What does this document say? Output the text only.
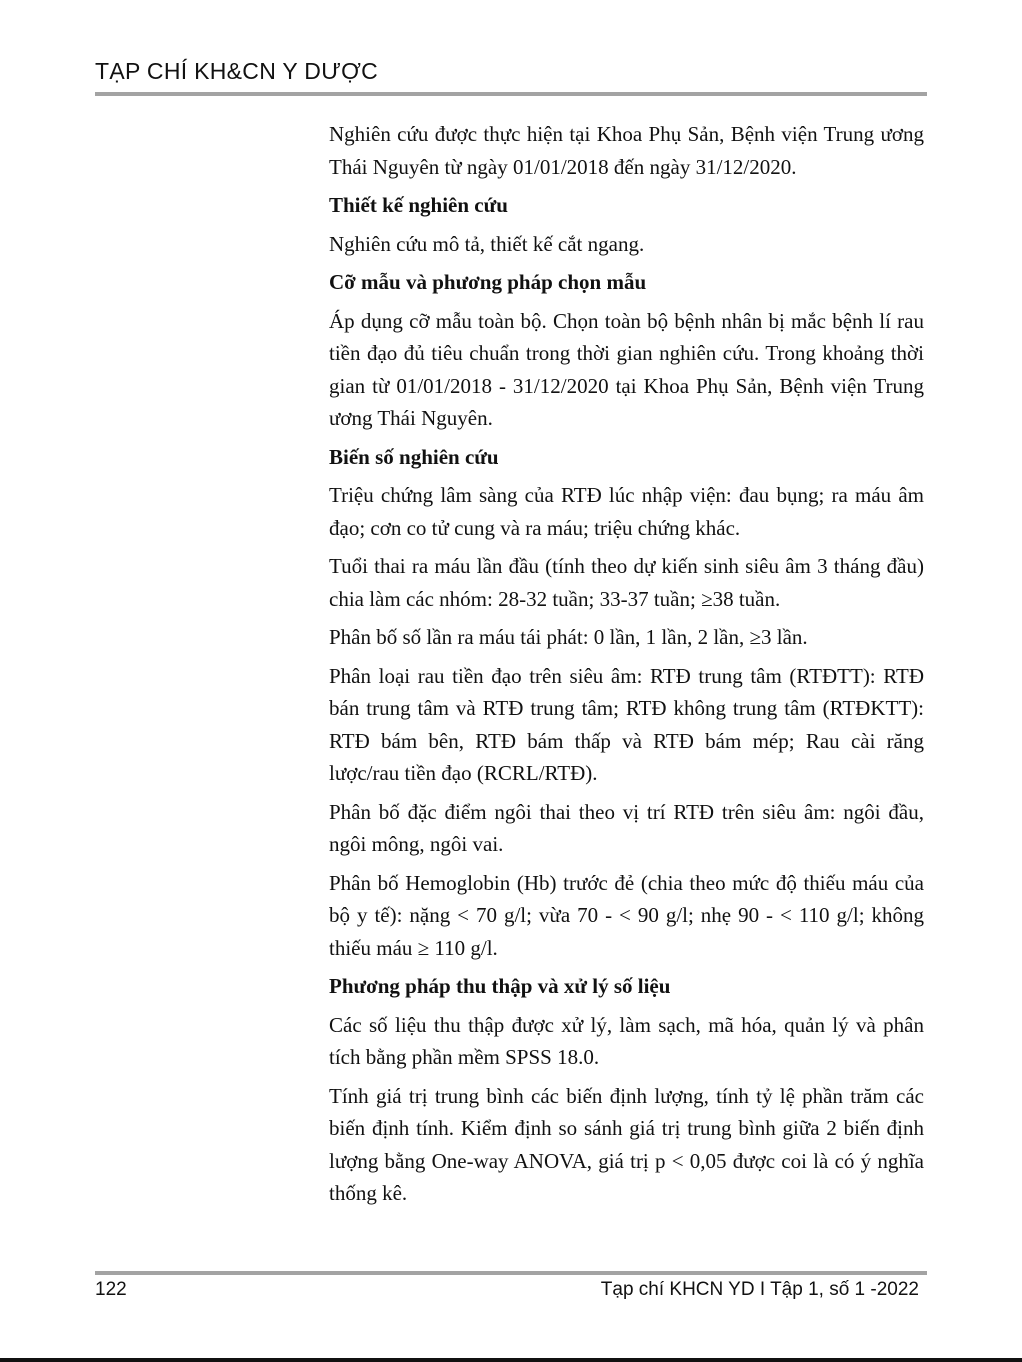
TẠP CHÍ KH&CN Y DƯỢC

Nghiên cứu được thực hiện tại Khoa Phụ Sản, Bệnh viện Trung ương Thái Nguyên từ ngày 01/01/2018 đến ngày 31/12/2020.

Thiết kế nghiên cứu

Nghiên cứu mô tả, thiết kế cắt ngang.

Cỡ mẫu và phương pháp chọn mẫu

Áp dụng cỡ mẫu toàn bộ. Chọn toàn bộ bệnh nhân bị mắc bệnh lí rau tiền đạo đủ tiêu chuẩn trong thời gian nghiên cứu. Trong khoảng thời gian từ 01/01/2018 - 31/12/2020 tại Khoa Phụ Sản, Bệnh viện Trung ương Thái Nguyên.

Biến số nghiên cứu

Triệu chứng lâm sàng của RTĐ lúc nhập viện: đau bụng; ra máu âm đạo; cơn co tử cung và ra máu; triệu chứng khác.

Tuổi thai ra máu lần đầu (tính theo dự kiến sinh siêu âm 3 tháng đầu) chia làm các nhóm: 28-32 tuần; 33-37 tuần; ≥38 tuần.

Phân bố số lần ra máu tái phát: 0 lần, 1 lần, 2 lần, ≥3 lần.

Phân loại rau tiền đạo trên siêu âm: RTĐ trung tâm (RTĐTT): RTĐ bán trung tâm và RTĐ trung tâm; RTĐ không trung tâm (RTĐKTT): RTĐ bám bên, RTĐ bám thấp và RTĐ bám mép; Rau cài răng lược/rau tiền đạo (RCRL/RTĐ).

Phân bố đặc điểm ngôi thai theo vị trí RTĐ trên siêu âm: ngôi đầu, ngôi mông, ngôi vai.

Phân bố Hemoglobin (Hb) trước đẻ (chia theo mức độ thiếu máu của bộ y tế): nặng < 70 g/l; vừa 70 - < 90 g/l; nhẹ 90 - < 110 g/l; không thiếu máu ≥ 110 g/l.

Phương pháp thu thập và xử lý số liệu

Các số liệu thu thập được xử lý, làm sạch, mã hóa, quản lý và phân tích bằng phần mềm SPSS 18.0.

Tính giá trị trung bình các biến định lượng, tính tỷ lệ phần trăm các biến định tính. Kiểm định so sánh giá trị trung bình giữa 2 biến định lượng bằng One-way ANOVA, giá trị p < 0,05 được coi là có ý nghĩa thống kê.

122	Tạp chí KHCN YD I Tập 1, số 1 -2022
